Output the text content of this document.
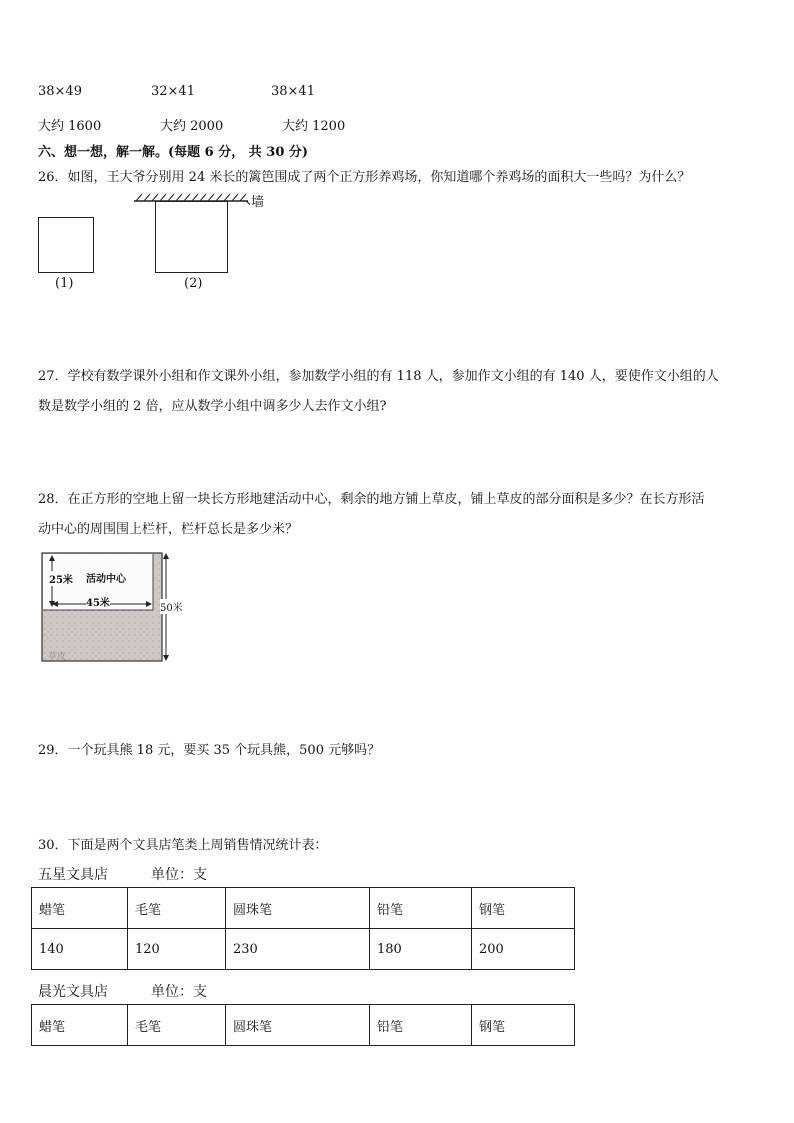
38×49	32×41	38×41
大约 1600	大约 2000	大约 1200
六、想一想，解一解。(每题 6 分， 共 30 分)
26．如图，王大爷分别用 24 米长的篱笆围成了两个正方形养鸡场，你知道哪个养鸡场的面积大一些吗？为什么？
(1)
墙
(2)
27．学校有数学课外小组和作文课外小组，参加数学小组的有 118 人，参加作文小组的有 140 人，要使作文小组的人
数是数学小组的 2 倍，应从数学小组中调多少人去作文小组?
28．在正方形的空地上留一块长方形地建活动中心，剩余的地方铺上草皮，铺上草皮的部分面积是多少？在长方形活
动中心的周围围上栏杆，栏杆总长是多少米？
25米 活动中心
45米	50米
草皮
29．一个玩具熊 18 元，要买 35 个玩具熊，500 元够吗？
30．下面是两个文具店笔类上周销售情况统计表：
五星文具店	单位：支
蜡笔	毛笔	圆珠笔	铅笔	钢笔
140	120	230	180	200
晨光文具店	单位：支
蜡笔	毛笔	圆珠笔	铅笔	钢笔
